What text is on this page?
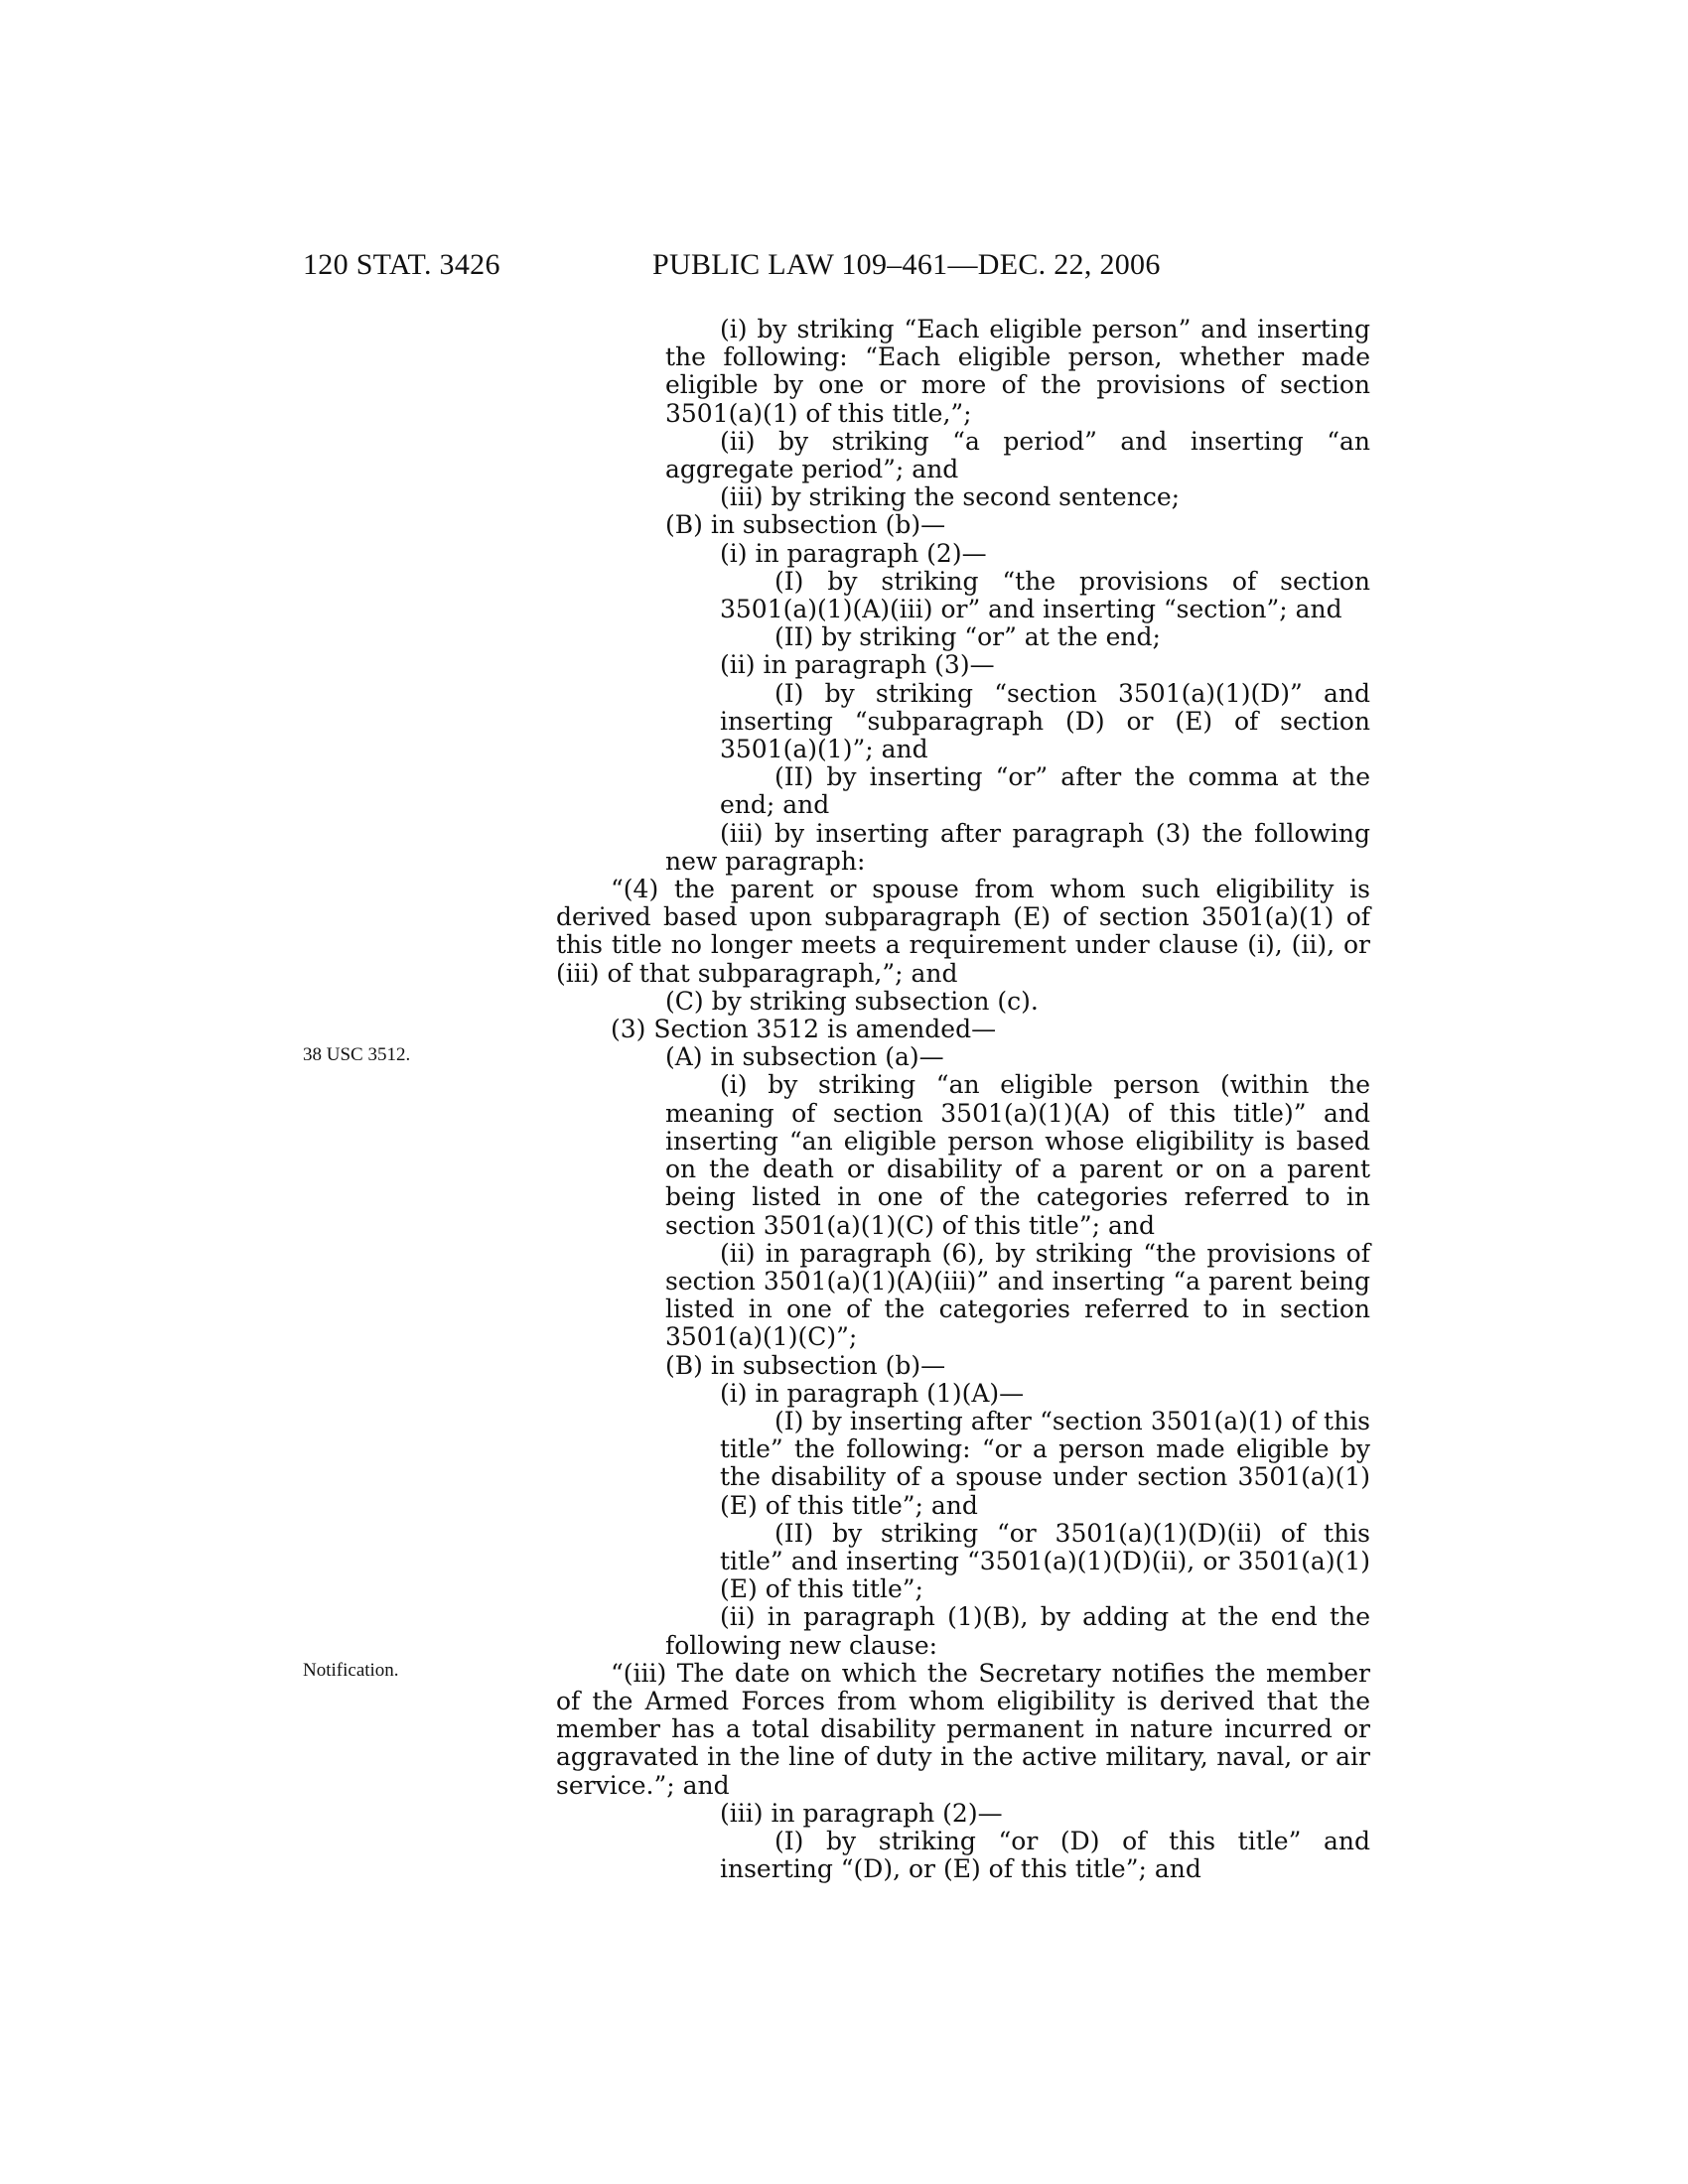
120 STAT. 3426	PUBLIC LAW 109–461—DEC. 22, 2006
38 USC 3512.
Notification.

(i) by striking “Each eligible person” and inserting the following: “Each eligible person, whether made eligible by one or more of the provisions of section 3501(a)(1) of this title,”;

(ii) by striking “a period” and inserting “an aggregate period”; and

(iii) by striking the second sentence;

(B) in subsection (b)—

(i) in paragraph (2)—

(I) by striking “the provisions of section 3501(a)(1)(A)(iii) or” and inserting “section”; and

(II) by striking “or” at the end;

(ii) in paragraph (3)—

(I) by striking “section 3501(a)(1)(D)” and inserting “subparagraph (D) or (E) of section 3501(a)(1)”; and

(II) by inserting “or” after the comma at the end; and

(iii) by inserting after paragraph (3) the following new paragraph:

“(4) the parent or spouse from whom such eligibility is derived based upon subparagraph (E) of section 3501(a)(1) of this title no longer meets a requirement under clause (i), (ii), or (iii) of that subparagraph,”; and

(C) by striking subsection (c).

(3) Section 3512 is amended—

(A) in subsection (a)—

(i) by striking “an eligible person (within the meaning of section 3501(a)(1)(A) of this title)” and inserting “an eligible person whose eligibility is based on the death or disability of a parent or on a parent being listed in one of the categories referred to in section 3501(a)(1)(C) of this title”; and

(ii) in paragraph (6), by striking “the provisions of section 3501(a)(1)(A)(iii)” and inserting “a parent being listed in one of the categories referred to in section 3501(a)(1)(C)”;

(B) in subsection (b)—

(i) in paragraph (1)(A)—

(I) by inserting after “section 3501(a)(1) of this title” the following: “or a person made eligible by the disability of a spouse under section 3501(a)(1)(E) of this title”; and

(II) by striking “or 3501(a)(1)(D)(ii) of this title” and inserting “3501(a)(1)(D)(ii), or 3501(a)(1)(E) of this title”;

(ii) in paragraph (1)(B), by adding at the end the following new clause:

“(iii) The date on which the Secretary notifies the member of the Armed Forces from whom eligibility is derived that the member has a total disability permanent in nature incurred or aggravated in the line of duty in the active military, naval, or air service.”; and

(iii) in paragraph (2)—

(I) by striking “or (D) of this title” and inserting “(D), or (E) of this title”; and
